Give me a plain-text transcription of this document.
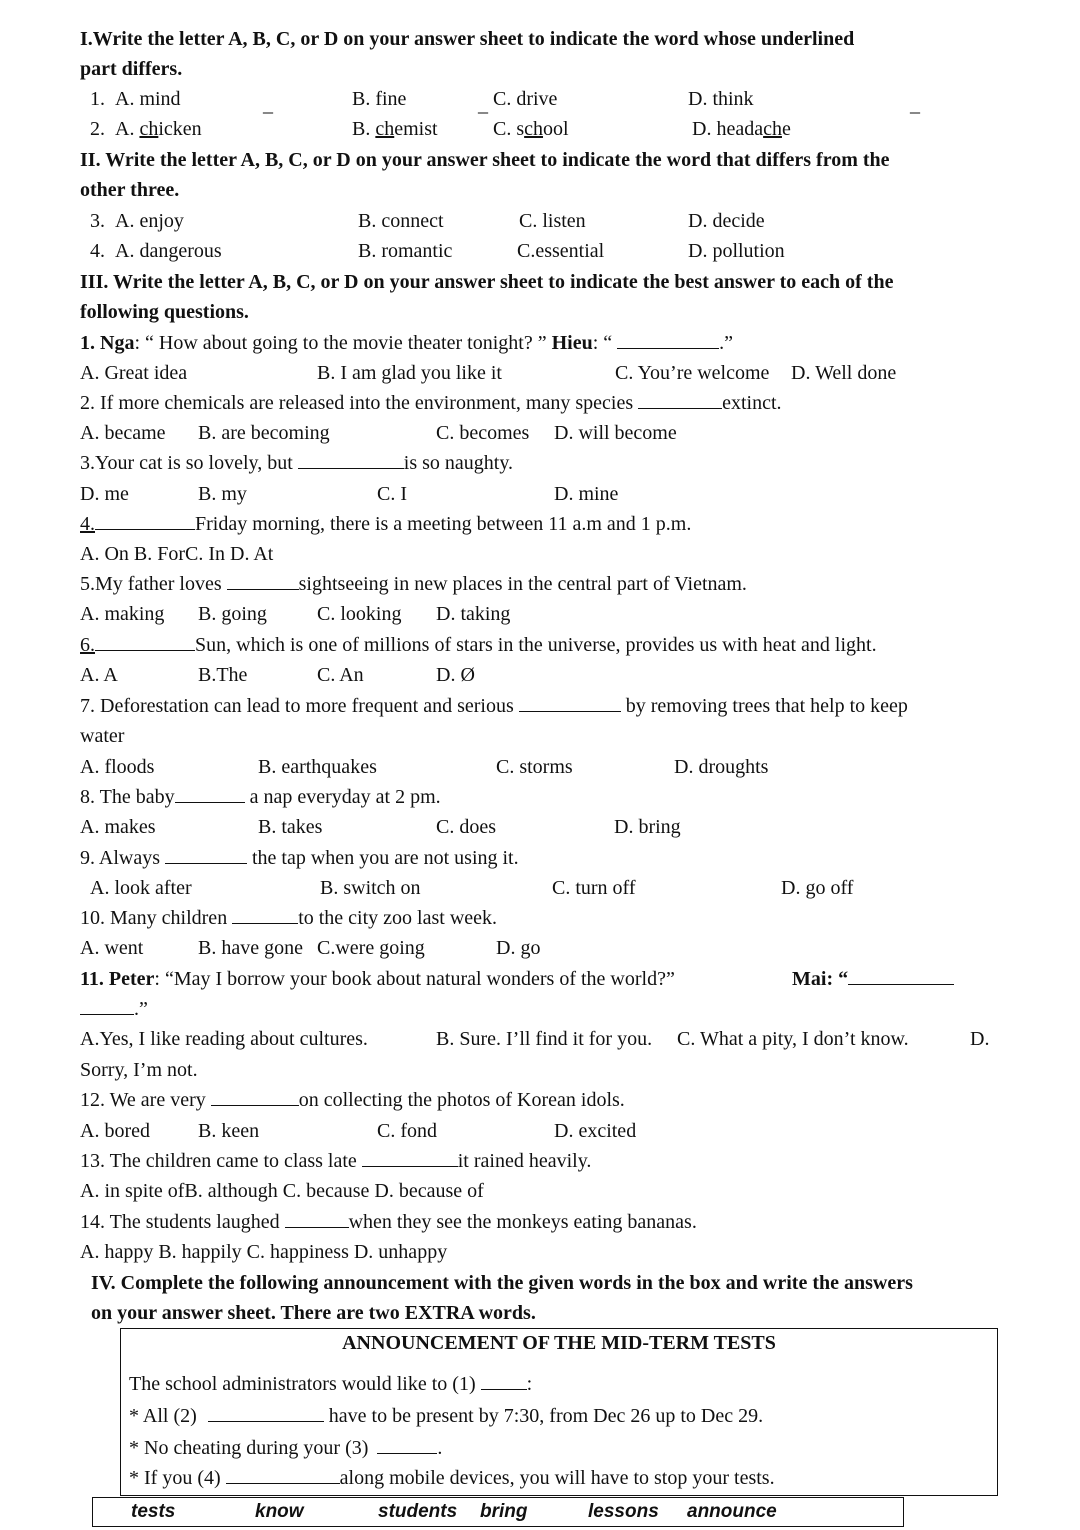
I.Write the letter A, B, C, or D on your answer sheet to indicate the word whose underlined
part differs.
1. A. mind	_	B. fine	_ C. drive	D. think	_
2. A. chicken	B. chemist	C. school	D. headache
II. Write the letter A, B, C, or D on your answer sheet to indicate the word that differs from the
other three.
3. A. enjoy	B. connect	C. listen	D. decide
4. A. dangerous	B. romantic	C.essential	D. pollution
III. Write the letter A, B, C, or D on your answer sheet to indicate the best answer to each of the
following questions.
1. Nga: “ How about going to the movie theater tonight? ” Hieu: “	.”
A. Great idea	B. I am glad you like it	C. You’re welcome D. Well done
2. If more chemicals are released into the environment, many species	extinct.
A. became B. are becoming	C. becomes D. will become
3.Your cat is so lovely, but	is so naughty.
D. me	B. my	C. I	D. mine
4.	Friday morning, there is a meeting between 11 a.m and 1 p.m.
A. On B. ForC. In D. At
5.My father loves	sightseeing in new places in the central part of Vietnam.
A. making B. going	C. looking D. taking
6.	Sun, which is one of millions of stars in the universe, provides us with heat and light.
A. A	B.The	C. An	D. Ø
7. Deforestation can lead to more frequent and serious	by removing trees that help to keep
water
A. floods	B. earthquakes	C. storms	D. droughts
8. The baby	a nap everyday at 2 pm.
A. makes	B. takes	C. does	D. bring
9. Always	the tap when you are not using it.
A. look after	B. switch on	C. turn off	D. go off
10. Many children	to the city zoo last week.
A. went	B. have gone C.were going	D. go
11. Peter: “May I borrow your book about natural wonders of the world?”	Mai: “
.”
A.Yes, I like reading about cultures.	B. Sure. I’ll find it for you. C. What a pity, I don’t know.	D.
Sorry, I’m not.
12. We are very	on collecting the photos of Korean idols.
A. bored B. keen	C. fond	D. excited
13. The children came to class late	it rained heavily.
A. in spite ofB. although C. because D. because of
14. The students laughed	when they see the monkeys eating bananas.
A. happy B. happily C. happiness D. unhappy
IV. Complete the following announcement with the given words in the box and write the answers
on your answer sheet. There are two EXTRA words.
ANNOUNCEMENT OF THE MID-TERM TESTS
The school administrators would like to (1) :
* All (2)	have to be present by 7:30, from Dec 26 up to Dec 29.
* No cheating during your (3)	.
* If you (4)	along mobile devices, you will have to stop your tests.
tests	know	students bring	lessons announce
